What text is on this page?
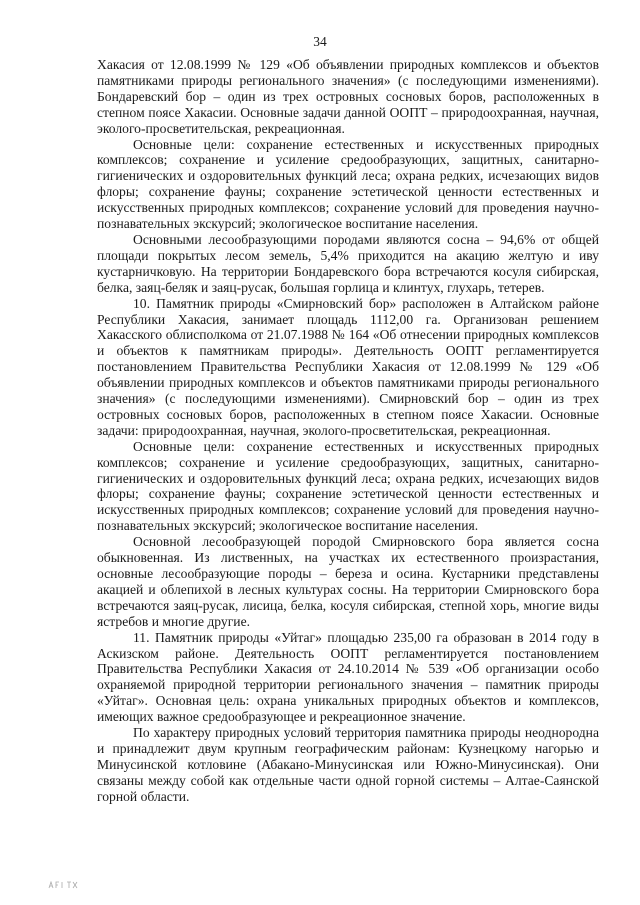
34

Хакасия от 12.08.1999 № 129 «Об объявлении природных комплексов и объектов памятниками природы регионального значения» (с последующими изменениями). Бондаревский бор – один из трех островных сосновых боров, расположенных в степном поясе Хакасии. Основные задачи данной ООПТ – природоохранная, научная, эколого-просветительская, рекреационная.

Основные цели: сохранение естественных и искусственных природных комплексов; сохранение и усиление средообразующих, защитных, санитарно-гигиенических и оздоровительных функций леса; охрана редких, исчезающих видов флоры; сохранение фауны; сохранение эстетической ценности естественных и искусственных природных комплексов; сохранение условий для проведения научно-познавательных экскурсий; экологическое воспитание населения.

Основными лесообразующими породами являются сосна – 94,6% от общей площади покрытых лесом земель, 5,4% приходится на акацию желтую и иву кустарничковую. На территории Бондаревского бора встречаются косуля сибирская, белка, заяц-беляк и заяц-русак, большая горлица и клинтух, глухарь, тетерев.

10. Памятник природы «Смирновский бор» расположен в Алтайском районе Республики Хакасия, занимает площадь 1112,00 га. Организован решением Хакасского облисполкома от 21.07.1988 № 164 «Об отнесении природных комплексов и объектов к памятникам природы». Деятельность ООПТ регламентируется постановлением Правительства Республики Хакасия от 12.08.1999 № 129 «Об объявлении природных комплексов и объектов памятниками природы регионального значения» (с последующими изменениями). Смирновский бор – один из трех островных сосновых боров, расположенных в степном поясе Хакасии. Основные задачи: природоохранная, научная, эколого-просветительская, рекреационная.

Основные цели: сохранение естественных и искусственных природных комплексов; сохранение и усиление средообразующих, защитных, санитарно-гигиенических и оздоровительных функций леса; охрана редких, исчезающих видов флоры; сохранение фауны; сохранение эстетической ценности естественных и искусственных природных комплексов; сохранение условий для проведения научно-познавательных экскурсий; экологическое воспитание населения.

Основной лесообразующей породой Смирновского бора является сосна обыкновенная. Из лиственных, на участках их естественного произрастания, основные лесообразующие породы – береза и осина. Кустарники представлены акацией и облепихой в лесных культурах сосны. На территории Смирновского бора встречаются заяц-русак, лисица, белка, косуля сибирская, степной хорь, многие виды ястребов и многие другие.

11. Памятник природы «Уйтаг» площадью 235,00 га образован в 2014 году в Аскизском районе. Деятельность ООПТ регламентируется постановлением Правительства Республики Хакасия от 24.10.2014 № 539 «Об организации особо охраняемой природной территории регионального значения – памятник природы «Уйтаг». Основная цель: охрана уникальных природных объектов и комплексов, имеющих важное средообразующее и рекреационное значение.

По характеру природных условий территория памятника природы неоднородна и принадлежит двум крупным географическим районам: Кузнецкому нагорью и Минусинской котловине (Абакано-Минусинская или Южно-Минусинская). Они связаны между собой как отдельные части одной горной системы – Алтае-Саянской горной области.
